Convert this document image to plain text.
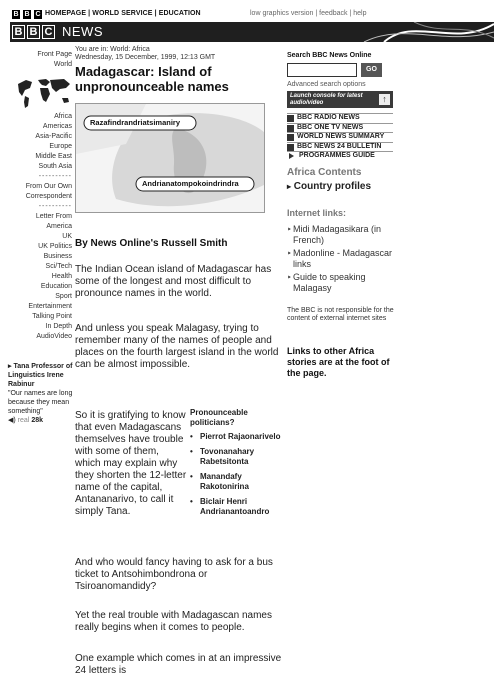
B B C HOMEPAGE | WORLD SERVICE | EDUCATION	low graphics version | feedback | help
B B C NEWS
Front Page
World
Africa
Americas
Asia-Pacific
Europe
Middle East
South Asia
----------
From Our Own
Correspondent
----------
Letter From
America
UK
UK Politics
Business
Sci/Tech
Health
Education
Sport
Entertainment
Talking Point
In Depth
AudioVideo
▸ Tana Professor of Linguistics Irene Rabinur
"Our names are long because they mean something"
◀) real 28k
You are in: World: Africa
Wednesday, 15 December, 1999, 12:13 GMT
Madagascar: Island of unpronounceable names
Razafindrandriatsimaniry
Andrianatompokoindrindra
By News Online's Russell Smith

The Indian Ocean island of Madagascar has some of the longest and most difficult to pronounce names in the world.

And unless you speak Malagasy, trying to remember many of the names of people and places on the fourth largest island in the world can be almost impossible.

So it is gratifying to know that even Madagascans themselves have trouble with some of them, which may explain why they shorten the 12-letter name of the capital, Antananarivo, to call it simply Tana.

And who would fancy having to ask for a bus ticket to Antsohimbondrona or Tsiroanomandidy?

Yet the real trouble with Madagascan names really begins when it comes to people.

One example which comes in at an impressive 24 letters is

Pronounceable politicians?
• Pierrot Rajaonarivelo
• Tovonanahary Rabetsitonta
• Manandafy Rakotonirina
• Biclair Henri Andrianantoandro
Search BBC News Online
GO
Advanced search options
Launch console for latest audio/video	↑
BBC RADIO NEWS
BBC ONE TV NEWS
WORLD NEWS SUMMARY
BBC NEWS 24 BULLETIN
PROGRAMMES GUIDE
Africa Contents
▸ Country profiles
Internet links:
‣ Midi Madagasikara (in French)
‣ Madonline - Madagascar links
‣ Guide to speaking Malagasy
The BBC is not responsible for the content of external internet sites
Links to other Africa stories are at the foot of the page.
